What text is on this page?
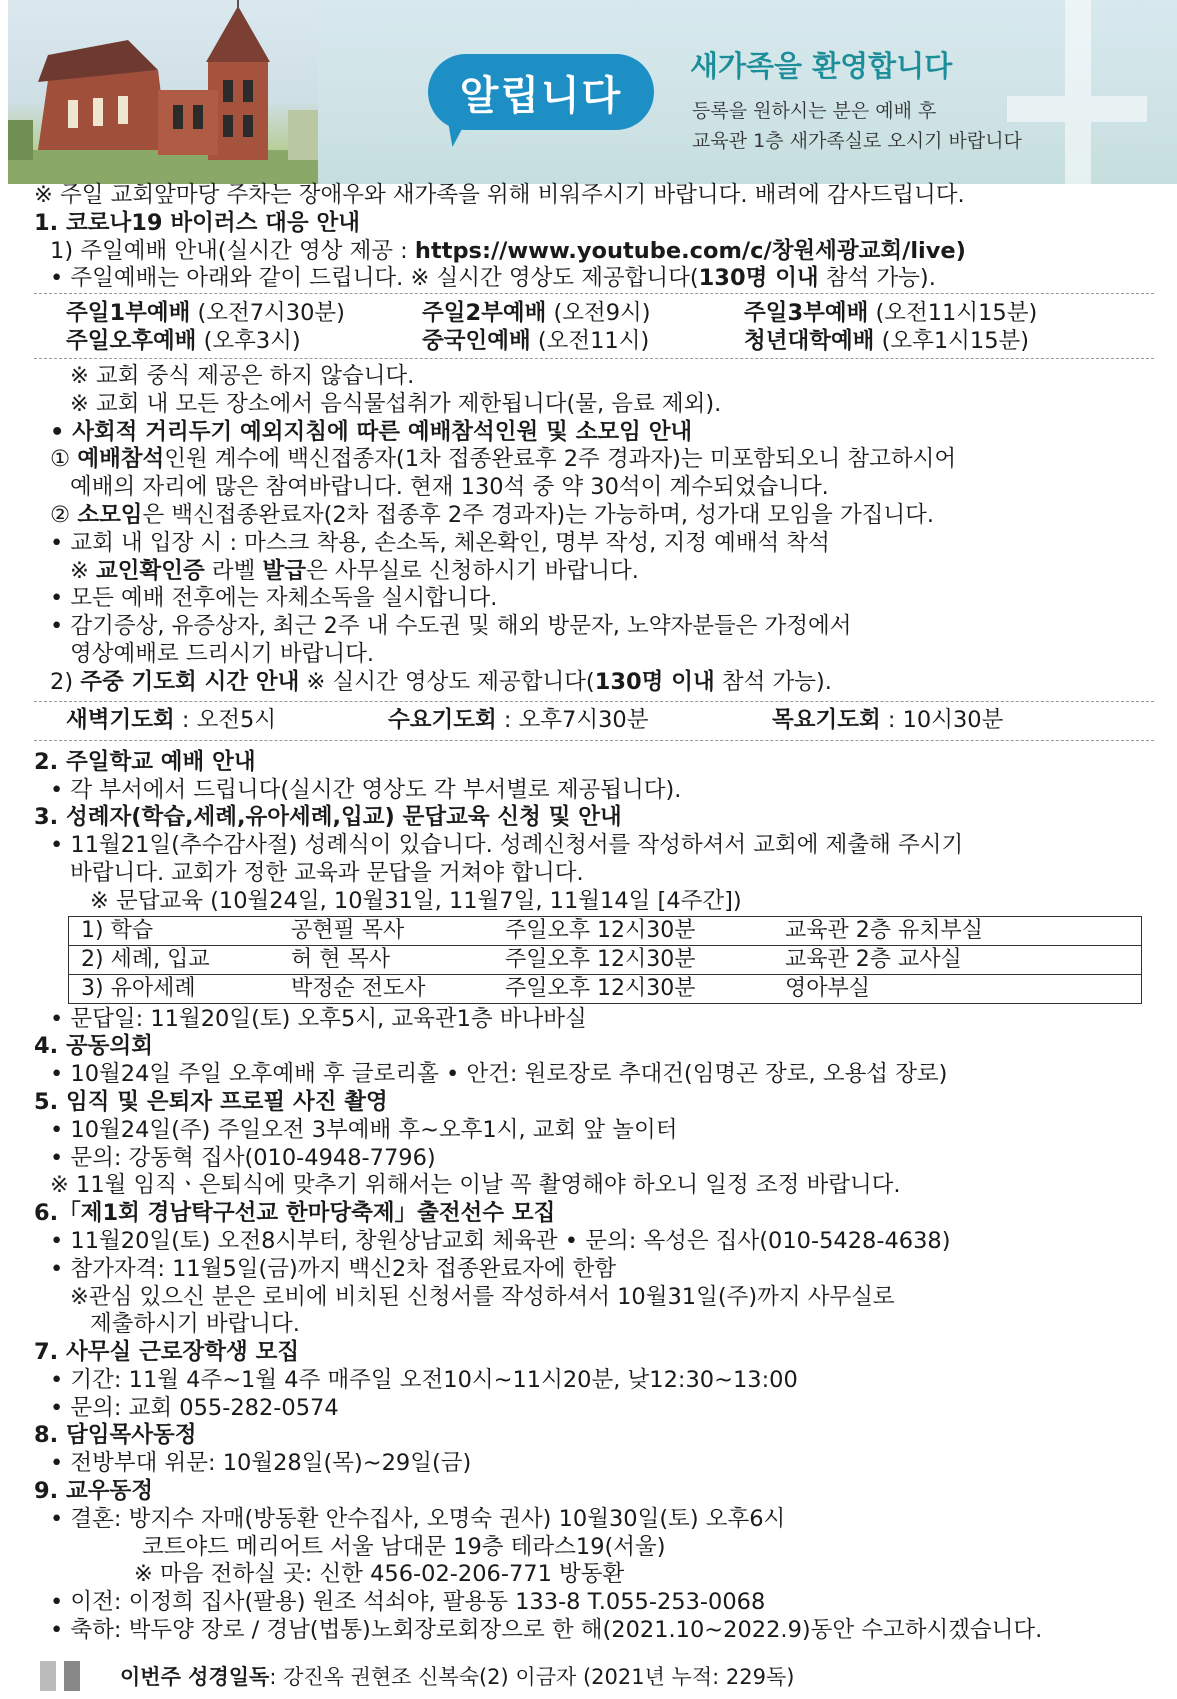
알립니다
새가족을 환영합니다
등록을 원하시는 분은 예배 후
교육관 1층 새가족실로 오시기 바랍니다
※ 주일 교회앞마당 주차는 장애우와 새가족을 위해 비워주시기 바랍니다. 배려에 감사드립니다.
1. 코로나19 바이러스 대응 안내
1) 주일예배 안내(실시간 영상 제공 : https://www.youtube.com/c/창원세광교회/live)
• 주일예배는 아래와 같이 드립니다. ※ 실시간 영상도 제공합니다(130명 이내 참석 가능).
주일1부예배 (오전7시30분)	주일2부예배 (오전9시)	주일3부예배 (오전11시15분)
주일오후예배 (오후3시)	중국인예배 (오전11시)	청년대학예배 (오후1시15분)
※ 교회 중식 제공은 하지 않습니다.
※ 교회 내 모든 장소에서 음식물섭취가 제한됩니다(물, 음료 제외).
• 사회적 거리두기 예외지침에 따른 예배참석인원 및 소모임 안내
① 예배참석인원 계수에 백신접종자(1차 접종완료후 2주 경과자)는 미포함되오니 참고하시어
예배의 자리에 많은 참여바랍니다. 현재 130석 중 약 30석이 계수되었습니다.
② 소모임은 백신접종완료자(2차 접종후 2주 경과자)는 가능하며, 성가대 모임을 가집니다.
• 교회 내 입장 시 : 마스크 착용, 손소독, 체온확인, 명부 작성, 지정 예배석 착석
※ 교인확인증 라벨 발급은 사무실로 신청하시기 바랍니다.
• 모든 예배 전후에는 자체소독을 실시합니다.
• 감기증상, 유증상자, 최근 2주 내 수도권 및 해외 방문자, 노약자분들은 가정에서
영상예배로 드리시기 바랍니다.
2) 주중 기도회 시간 안내 ※ 실시간 영상도 제공합니다(130명 이내 참석 가능).
새벽기도회 : 오전5시	수요기도회 : 오후7시30분	목요기도회 : 10시30분
2. 주일학교 예배 안내
• 각 부서에서 드립니다(실시간 영상도 각 부서별로 제공됩니다).
3. 성례자(학습,세례,유아세례,입교) 문답교육 신청 및 안내
• 11월21일(추수감사절) 성례식이 있습니다. 성례신청서를 작성하셔서 교회에 제출해 주시기
바랍니다. 교회가 정한 교육과 문답을 거쳐야 합니다.
※ 문답교육 (10월24일, 10월31일, 11월7일, 11월14일 [4주간])
1) 학습	공현필 목사	주일오후 12시30분	교육관 2층 유치부실
2) 세례, 입교	허 현 목사	주일오후 12시30분	교육관 2층 교사실
3) 유아세례	박정순 전도사	주일오후 12시30분	영아부실
• 문답일: 11월20일(토) 오후5시, 교육관1층 바나바실
4. 공동의회
• 10월24일 주일 오후예배 후 글로리홀 • 안건: 원로장로 추대건(임명곤 장로, 오용섭 장로)
5. 임직 및 은퇴자 프로필 사진 촬영
• 10월24일(주) 주일오전 3부예배 후~오후1시, 교회 앞 놀이터
• 문의: 강동혁 집사(010-4948-7796)
※ 11월 임직ㆍ은퇴식에 맞추기 위해서는 이날 꼭 촬영해야 하오니 일정 조정 바랍니다.
6.「제1회 경남탁구선교 한마당축제」출전선수 모집
• 11월20일(토) 오전8시부터, 창원상남교회 체육관 • 문의: 옥성은 집사(010-5428-4638)
• 참가자격: 11월5일(금)까지 백신2차 접종완료자에 한함
※관심 있으신 분은 로비에 비치된 신청서를 작성하셔서 10월31일(주)까지 사무실로
제출하시기 바랍니다.
7. 사무실 근로장학생 모집
• 기간: 11월 4주~1월 4주 매주일 오전10시~11시20분, 낮12:30~13:00
• 문의: 교회 055-282-0574
8. 담임목사동정
• 전방부대 위문: 10월28일(목)~29일(금)
9. 교우동정
• 결혼: 방지수 자매(방동환 안수집사, 오명숙 권사) 10월30일(토) 오후6시
코트야드 메리어트 서울 남대문 19층 테라스19(서울)
※ 마음 전하실 곳: 신한 456-02-206-771 방동환
• 이전: 이정희 집사(팔용) 원조 석쇠야, 팔용동 133-8 T.055-253-0068
• 축하: 박두양 장로 / 경남(법통)노회장로회장으로 한 해(2021.10~2022.9)동안 수고하시겠습니다.
이번주 성경일독 : 강진옥 권현조 신복숙(2) 이금자 (2021년 누적: 229독)
